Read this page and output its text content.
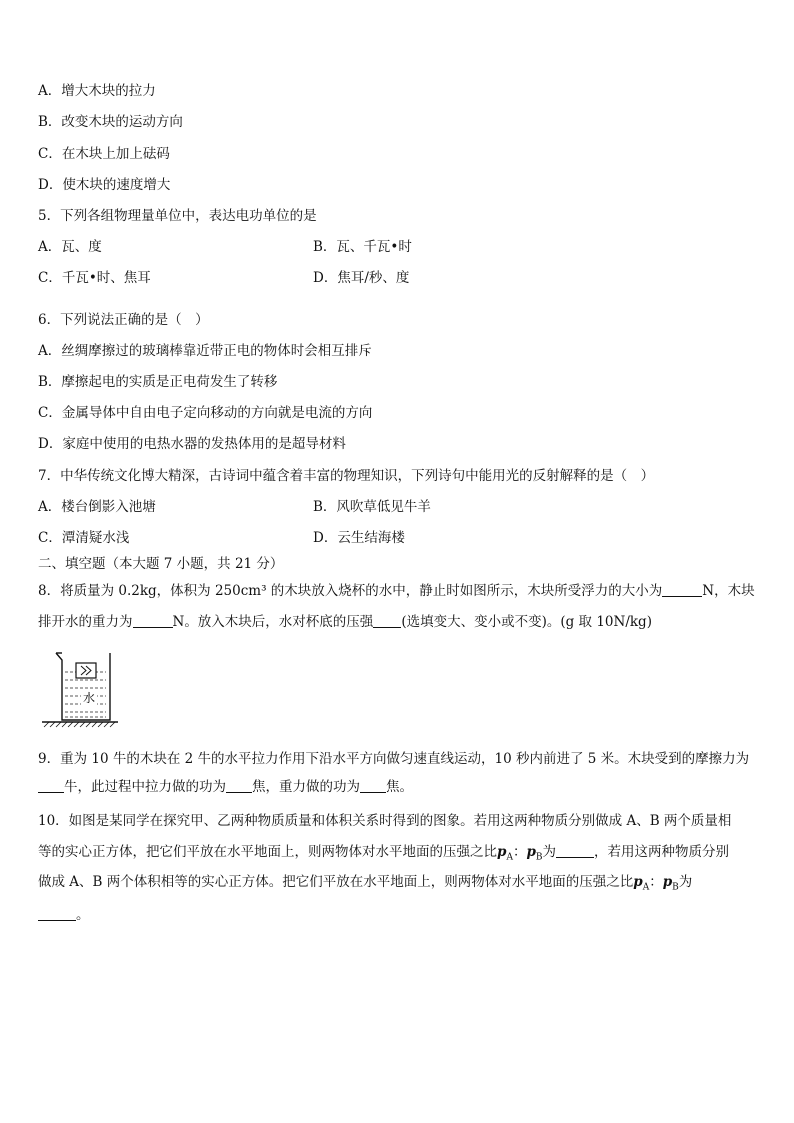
A．增大木块的拉力
B．改变木块的运动方向
C．在木块上加上砝码
D．使木块的速度增大
5．下列各组物理量单位中，表达电功单位的是
A．瓦、度	B．瓦、千瓦•时
C．千瓦•时、焦耳	D．焦耳/秒、度
6．下列说法正确的是（　）
A．丝绸摩擦过的玻璃棒靠近带正电的物体时会相互排斥
B．摩擦起电的实质是正电荷发生了转移
C．金属导体中自由电子定向移动的方向就是电流的方向
D．家庭中使用的电热水器的发热体用的是超导材料
7．中华传统文化博大精深，古诗词中蕴含着丰富的物理知识，下列诗句中能用光的反射解释的是（　）
A．楼台倒影入池塘	B．风吹草低见牛羊
C．潭清疑水浅	D．云生结海楼
二、填空题（本大题 7 小题，共 21 分）
8．将质量为 0.2kg，体积为 250cm³ 的木块放入烧杯的水中，静止时如图所示，木块所受浮力的大小为	N，木块
排开水的重力为	N。放入木块后，水对杯底的压强 (选填变大、变小或不变)。(g 取 10N/kg)
水
9．重为 10 牛的木块在 2 牛的水平拉力作用下沿水平方向做匀速直线运动，10 秒内前进了 5 米。木块受到的摩擦力为
牛，此过程中拉力做的功为 焦，重力做的功为 焦。
10．如图是某同学在探究甲、乙两种物质质量和体积关系时得到的图象。若用这两种物质分别做成 A、B 两个质量相
等的实心正方体，把它们平放在水平地面上，则两物体对水平地面的压强之比$p_A$：$p_B$为	，若用这两种物质分别
做成 A、B 两个体积相等的实心正方体。把它们平放在水平地面上，则两物体对水平地面的压强之比$p_A$：$p_B$为
。
